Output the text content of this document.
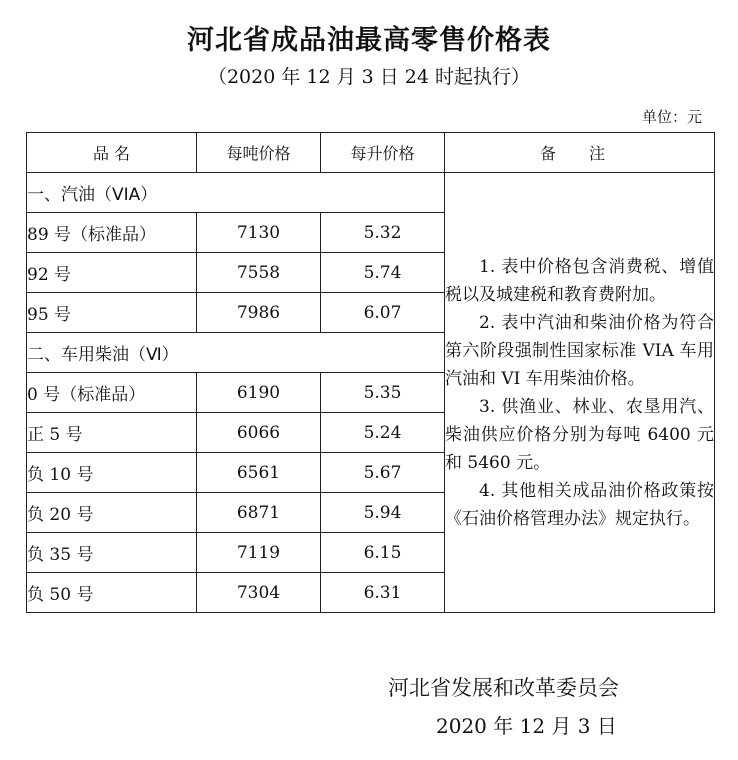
河北省成品油最高零售价格表
（2020 年 12 月 3 日 24 时起执行）
单位：元
品 名	每吨价格	每升价格	备 注
一、汽油（VIA）			1. 表中价格包含消费税、增值税以及城建税和教育费附加。

2. 表中汽油和柴油价格为符合第六阶段强制性国家标准 VIA 车用汽油和 VI 车用柴油价格。

3. 供渔业、林业、农垦用汽、柴油供应价格分别为每吨 6400 元和 5460 元。

4. 其他相关成品油价格政策按《石油价格管理办法》规定执行。

89 号（标准品）	7130	5.32	
92 号	7558	5.74	
95 号	7986	6.07	
二、车用柴油（Ⅵ）			
0 号（标准品）	6190	5.35	
正 5 号	6066	5.24	
负 10 号	6561	5.67	
负 20 号	6871	5.94	
负 35 号	7119	6.15	
负 50 号	7304	6.31	
河北省发展和改革委员会
2020 年 12 月 3 日
